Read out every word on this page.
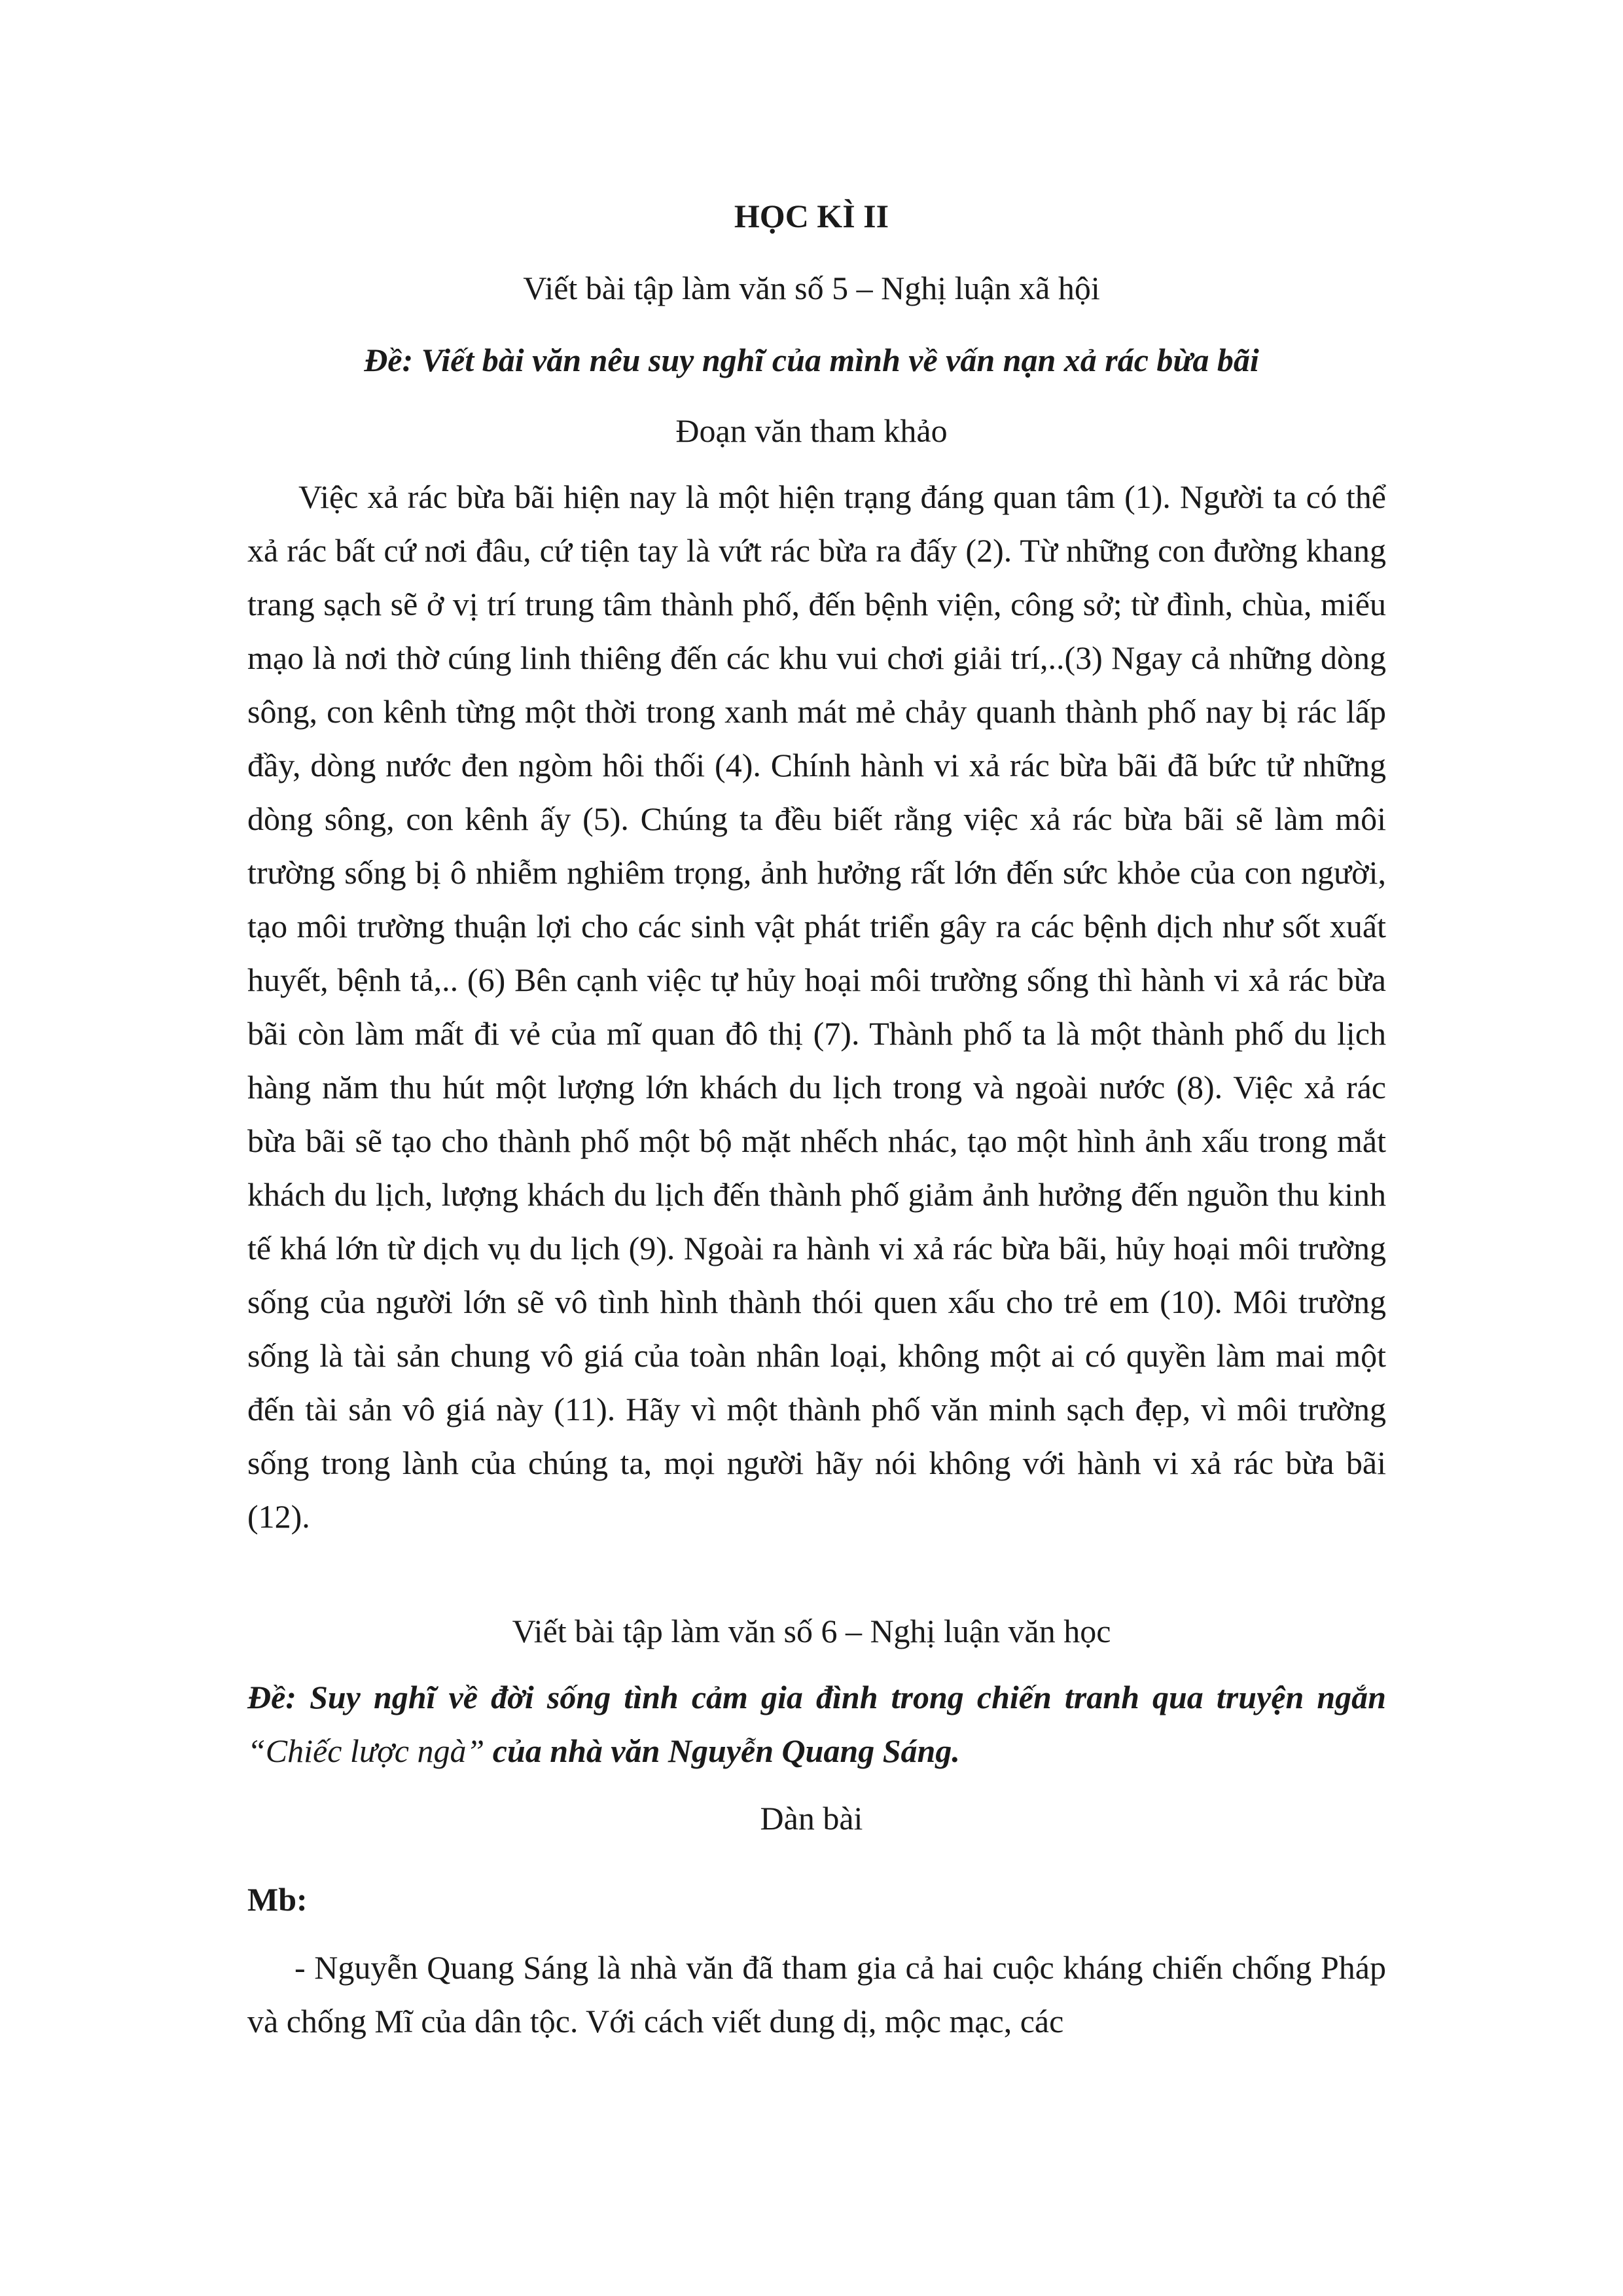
HỌC KÌ II
Viết bài tập làm văn số 5 – Nghị luận xã hội
Đề: Viết bài văn nêu suy nghĩ của mình về vấn nạn xả rác bừa bãi
Đoạn văn tham khảo

Việc xả rác bừa bãi hiện nay là một hiện trạng đáng quan tâm (1). Người ta có thể xả rác bất cứ nơi đâu, cứ tiện tay là vứt rác bừa ra đấy (2). Từ những con đường khang trang sạch sẽ ở vị trí trung tâm thành phố, đến bệnh viện, công sở; từ đình, chùa, miếu mạo là nơi thờ cúng linh thiêng đến các khu vui chơi giải trí,..(3) Ngay cả những dòng sông, con kênh từng một thời trong xanh mát mẻ chảy quanh thành phố nay bị rác lấp đầy, dòng nước đen ngòm hôi thối (4). Chính hành vi xả rác bừa bãi đã bức tử những dòng sông, con kênh ấy (5). Chúng ta đều biết rằng việc xả rác bừa bãi sẽ làm môi trường sống bị ô nhiễm nghiêm trọng, ảnh hưởng rất lớn đến sức khỏe của con người, tạo môi trường thuận lợi cho các sinh vật phát triển gây ra các bệnh dịch như sốt xuất huyết, bệnh tả,.. (6) Bên cạnh việc tự hủy hoại môi trường sống thì hành vi xả rác bừa bãi còn làm mất đi vẻ của mĩ quan đô thị (7). Thành phố ta là một thành phố du lịch hàng năm thu hút một lượng lớn khách du lịch trong và ngoài nước (8). Việc xả rác bừa bãi sẽ tạo cho thành phố một bộ mặt nhếch nhác, tạo một hình ảnh xấu trong mắt khách du lịch, lượng khách du lịch đến thành phố giảm ảnh hưởng đến nguồn thu kinh tế khá lớn từ dịch vụ du lịch (9). Ngoài ra hành vi xả rác bừa bãi, hủy hoại môi trường sống của người lớn sẽ vô tình hình thành thói quen xấu cho trẻ em (10). Môi trường sống là tài sản chung vô giá của toàn nhân loại, không một ai có quyền làm mai một đến tài sản vô giá này (11). Hãy vì một thành phố văn minh sạch đẹp, vì môi trường sống trong lành của chúng ta, mọi người hãy nói không với hành vi xả rác bừa bãi (12).

Viết bài tập làm văn số 6 – Nghị luận văn học

Đề: Suy nghĩ về đời sống tình cảm gia đình trong chiến tranh qua truyện ngắn “Chiếc lược ngà” của nhà văn Nguyễn Quang Sáng.

Dàn bài
Mb:

- Nguyễn Quang Sáng là nhà văn đã tham gia cả hai cuộc kháng chiến chống Pháp và chống Mĩ của dân tộc. Với cách viết dung dị, mộc mạc, các
